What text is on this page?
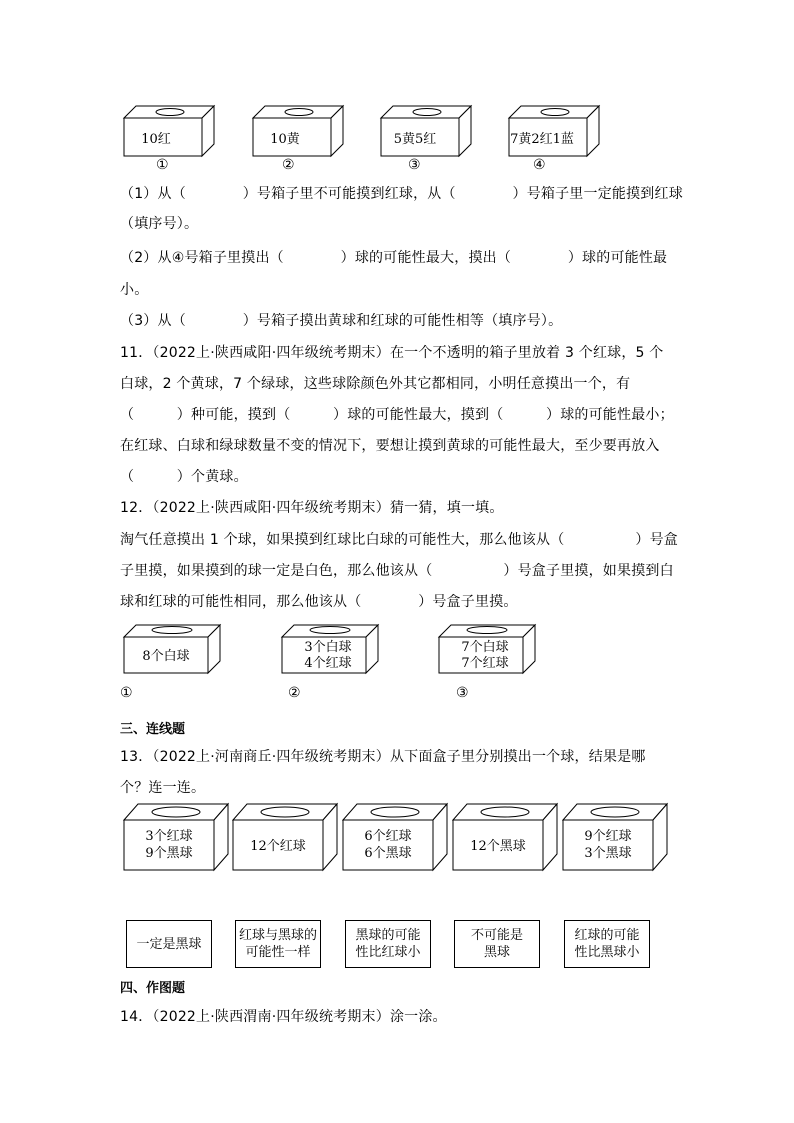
10红	10黄	5黄5红	7黄2红1蓝
①	②	③	④
（1）从（　　　　）号箱子里不可能摸到红球，从（　　　　）号箱子里一定能摸到红球
（填序号）。
（2）从④号箱子里摸出（　　　　）球的可能性最大，摸出（　　　　）球的可能性最
小。
（3）从（　　　　）号箱子摸出黄球和红球的可能性相等（填序号）。
11．（2022上·陕西咸阳·四年级统考期末）在一个不透明的箱子里放着 3 个红球，5 个
白球，2 个黄球，7 个绿球，这些球除颜色外其它都相同，小明任意摸出一个，有
（　　　）种可能，摸到（　　　）球的可能性最大，摸到（　　　）球的可能性最小；
在红球、白球和绿球数量不变的情况下，要想让摸到黄球的可能性最大，至少要再放入
（　　　）个黄球。
12．（2022上·陕西咸阳·四年级统考期末）猜一猜，填一填。
淘气任意摸出 1 个球，如果摸到红球比白球的可能性大，那么他该从（　　　　　）号盒
子里摸，如果摸到的球一定是白色，那么他该从（　　　　　）号盒子里摸，如果摸到白
球和红球的可能性相同，那么他该从（　　　　）号盒子里摸。
8个白球
3个白球
4个红球
7个白球
7个红球
①	②	③
三、连线题
13．（2022上·河南商丘·四年级统考期末）从下面盒子里分别摸出一个球，结果是哪
个？连一连。
3个红球
9个黑球	12个红球
6个红球
6个黑球	12个黑球
9个红球
3个黑球
一定是黑球
红球与黑球的
可能性一样
黑球的可能
性比红球小
不可能是
黑球
红球的可能
性比黑球小
四、作图题
14．（2022上·陕西渭南·四年级统考期末）涂一涂。
